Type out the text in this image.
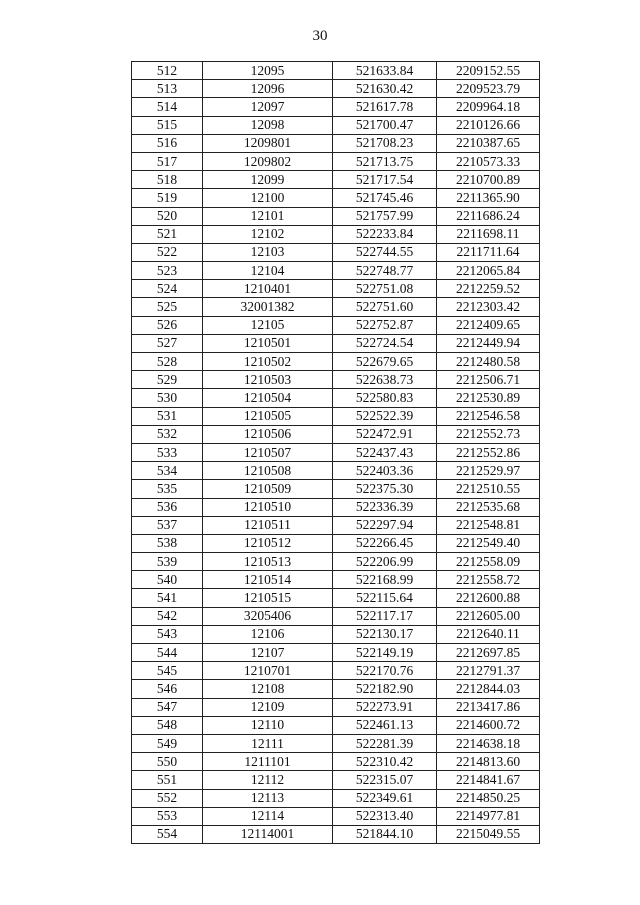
30
512	12095	521633.84	2209152.55
513	12096	521630.42	2209523.79
514	12097	521617.78	2209964.18
515	12098	521700.47	2210126.66
516	1209801	521708.23	2210387.65
517	1209802	521713.75	2210573.33
518	12099	521717.54	2210700.89
519	12100	521745.46	2211365.90
520	12101	521757.99	2211686.24
521	12102	522233.84	2211698.11
522	12103	522744.55	2211711.64
523	12104	522748.77	2212065.84
524	1210401	522751.08	2212259.52
525	32001382	522751.60	2212303.42
526	12105	522752.87	2212409.65
527	1210501	522724.54	2212449.94
528	1210502	522679.65	2212480.58
529	1210503	522638.73	2212506.71
530	1210504	522580.83	2212530.89
531	1210505	522522.39	2212546.58
532	1210506	522472.91	2212552.73
533	1210507	522437.43	2212552.86
534	1210508	522403.36	2212529.97
535	1210509	522375.30	2212510.55
536	1210510	522336.39	2212535.68
537	1210511	522297.94	2212548.81
538	1210512	522266.45	2212549.40
539	1210513	522206.99	2212558.09
540	1210514	522168.99	2212558.72
541	1210515	522115.64	2212600.88
542	3205406	522117.17	2212605.00
543	12106	522130.17	2212640.11
544	12107	522149.19	2212697.85
545	1210701	522170.76	2212791.37
546	12108	522182.90	2212844.03
547	12109	522273.91	2213417.86
548	12110	522461.13	2214600.72
549	12111	522281.39	2214638.18
550	1211101	522310.42	2214813.60
551	12112	522315.07	2214841.67
552	12113	522349.61	2214850.25
553	12114	522313.40	2214977.81
554	12114001	521844.10	2215049.55
